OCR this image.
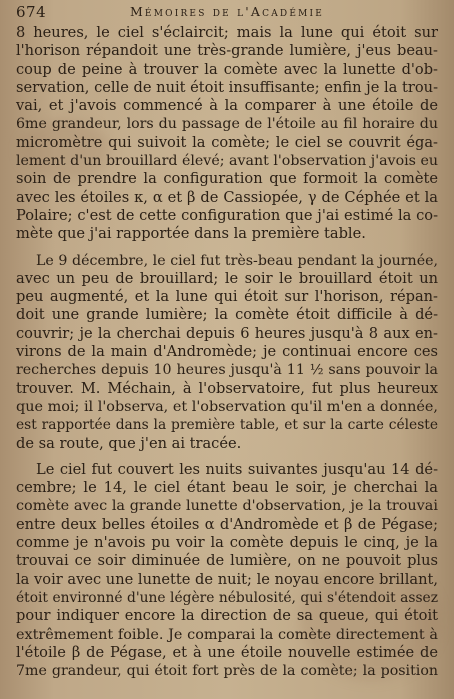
674	Mémoires de l'Académie
8 heures, le ciel s'éclaircit; mais la lune qui étoit sur
l'horison répandoit une très-grande lumière, j'eus beau-
coup de peine à trouver la comète avec la lunette d'ob-
servation, celle de nuit étoit insuffisante; enfin je la trou-
vai, et j'avois commencé à la comparer à une étoile de
6me grandeur, lors du passage de l'étoile au fil horaire du
micromètre qui suivoit la comète; le ciel se couvrit éga-
lement d'un brouillard élevé; avant l'observation j'avois eu
soin de prendre la configuration que formoit la comète
avec les étoiles κ, α et β de Cassiopée, γ de Céphée et la
Polaire; c'est de cette configuration que j'ai estimé la co-
mète que j'ai rapportée dans la première table.
Le 9 décembre, le ciel fut très-beau pendant la journée,
avec un peu de brouillard; le soir le brouillard étoit un
peu augmenté, et la lune qui étoit sur l'horison, répan-
doit une grande lumière; la comète étoit difficile à dé-
couvrir; je la cherchai depuis 6 heures jusqu'à 8 aux en-
virons de la main d'Andromède; je continuai encore ces
recherches depuis 10 heures jusqu'à 11 ½ sans pouvoir la
trouver. M. Méchain, à l'observatoire, fut plus heureux
que moi; il l'observa, et l'observation qu'il m'en a donnée,
est rapportée dans la première table, et sur la carte céleste
de sa route, que j'en ai tracée.
Le ciel fut couvert les nuits suivantes jusqu'au 14 dé-
cembre; le 14, le ciel étant beau le soir, je cherchai la
comète avec la grande lunette d'observation, je la trouvai
entre deux belles étoiles α d'Andromède et β de Pégase;
comme je n'avois pu voir la comète depuis le cinq, je la
trouvai ce soir diminuée de lumière, on ne pouvoit plus
la voir avec une lunette de nuit; le noyau encore brillant,
étoit environné d'une légère nébulosité, qui s'étendoit assez
pour indiquer encore la direction de sa queue, qui étoit
extrêmement foible. Je comparai la comète directement à
l'étoile β de Pégase, et à une étoile nouvelle estimée de
7me grandeur, qui étoit fort près de la comète; la position
